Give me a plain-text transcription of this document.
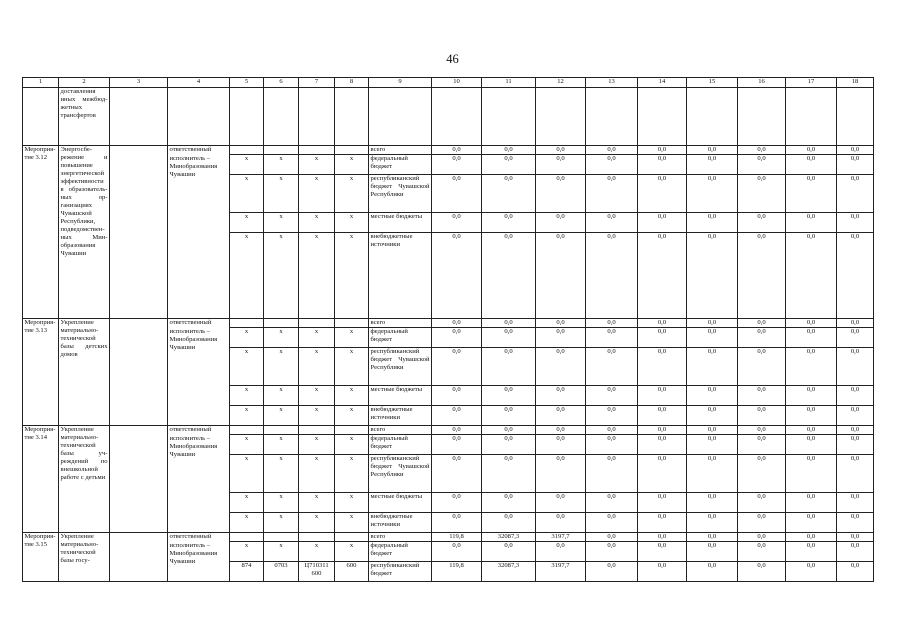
46
1	2	3	4	5	6	7	8	9	10	11	12	13	14	15	16	17	18
	доставления иных межбюджетных трансфертов																
Мероприятие 3.12	Энергосбережение и повышение энергетической эффективности в образовательных организациях Чувашской Республики, подведомственных Минобразования Чувашии		ответственный					всего	0,0	0,0	0,0	0,0	0,0	0,0	0,0	0,0	0,0
			исполнитель – Минобразования Чувашии	x	x	x	x	федеральный бюджет	0,0	0,0	0,0	0,0	0,0	0,0	0,0	0,0	0,0
				x	x	x	x	республиканский бюджет Чувашской Республики	0,0	0,0	0,0	0,0	0,0	0,0	0,0	0,0	0,0
				x	x	x	x	местные бюджеты	0,0	0,0	0,0	0,0	0,0	0,0	0,0	0,0	0,0
				x	x	x	x	внебюджетные источники	0,0	0,0	0,0	0,0	0,0	0,0	0,0	0,0	0,0
Мероприятие 3.13	Укрепление материально-технической базы детских домов		ответственный					всего	0,0	0,0	0,0	0,0	0,0	0,0	0,0	0,0	0,0
			исполнитель – Минобразования Чувашии	x	x	x	x	федеральный бюджет	0,0	0,0	0,0	0,0	0,0	0,0	0,0	0,0	0,0
				x	x	x	x	республиканский бюджет Чувашской Республики	0,0	0,0	0,0	0,0	0,0	0,0	0,0	0,0	0,0
				x	x	x	x	местные бюджеты	0,0	0,0	0,0	0,0	0,0	0,0	0,0	0,0	0,0
				x	x	x	x	внебюджетные источники	0,0	0,0	0,0	0,0	0,0	0,0	0,0	0,0	0,0
Мероприятие 3.14	Укрепление материально-технической базы учреждений по внешкольной работе с детьми		ответственный					всего	0,0	0,0	0,0	0,0	0,0	0,0	0,0	0,0	0,0
			исполнитель – Минобразования Чувашии	x	x	x	x	федеральный бюджет	0,0	0,0	0,0	0,0	0,0	0,0	0,0	0,0	0,0
				x	x	x	x	республиканский бюджет Чувашской Республики	0,0	0,0	0,0	0,0	0,0	0,0	0,0	0,0	0,0
				x	x	x	x	местные бюджеты	0,0	0,0	0,0	0,0	0,0	0,0	0,0	0,0	0,0
				x	x	x	x	внебюджетные источники	0,0	0,0	0,0	0,0	0,0	0,0	0,0	0,0	0,0
Мероприятие 3.15	Укрепление материально-технической базы госу-		ответственный					всего	119,8	32087,3	3197,7	0,0	0,0	0,0	0,0	0,0	0,0
			исполнитель – Минобразования Чувашии	x	x	x	x	федеральный бюджет	0,0	0,0	0,0	0,0	0,0	0,0	0,0	0,0	0,0
				874	0703	Ц710311 600	600	республиканский бюджет	119,8	32087,3	3197,7	0,0	0,0	0,0	0,0	0,0	0,0
